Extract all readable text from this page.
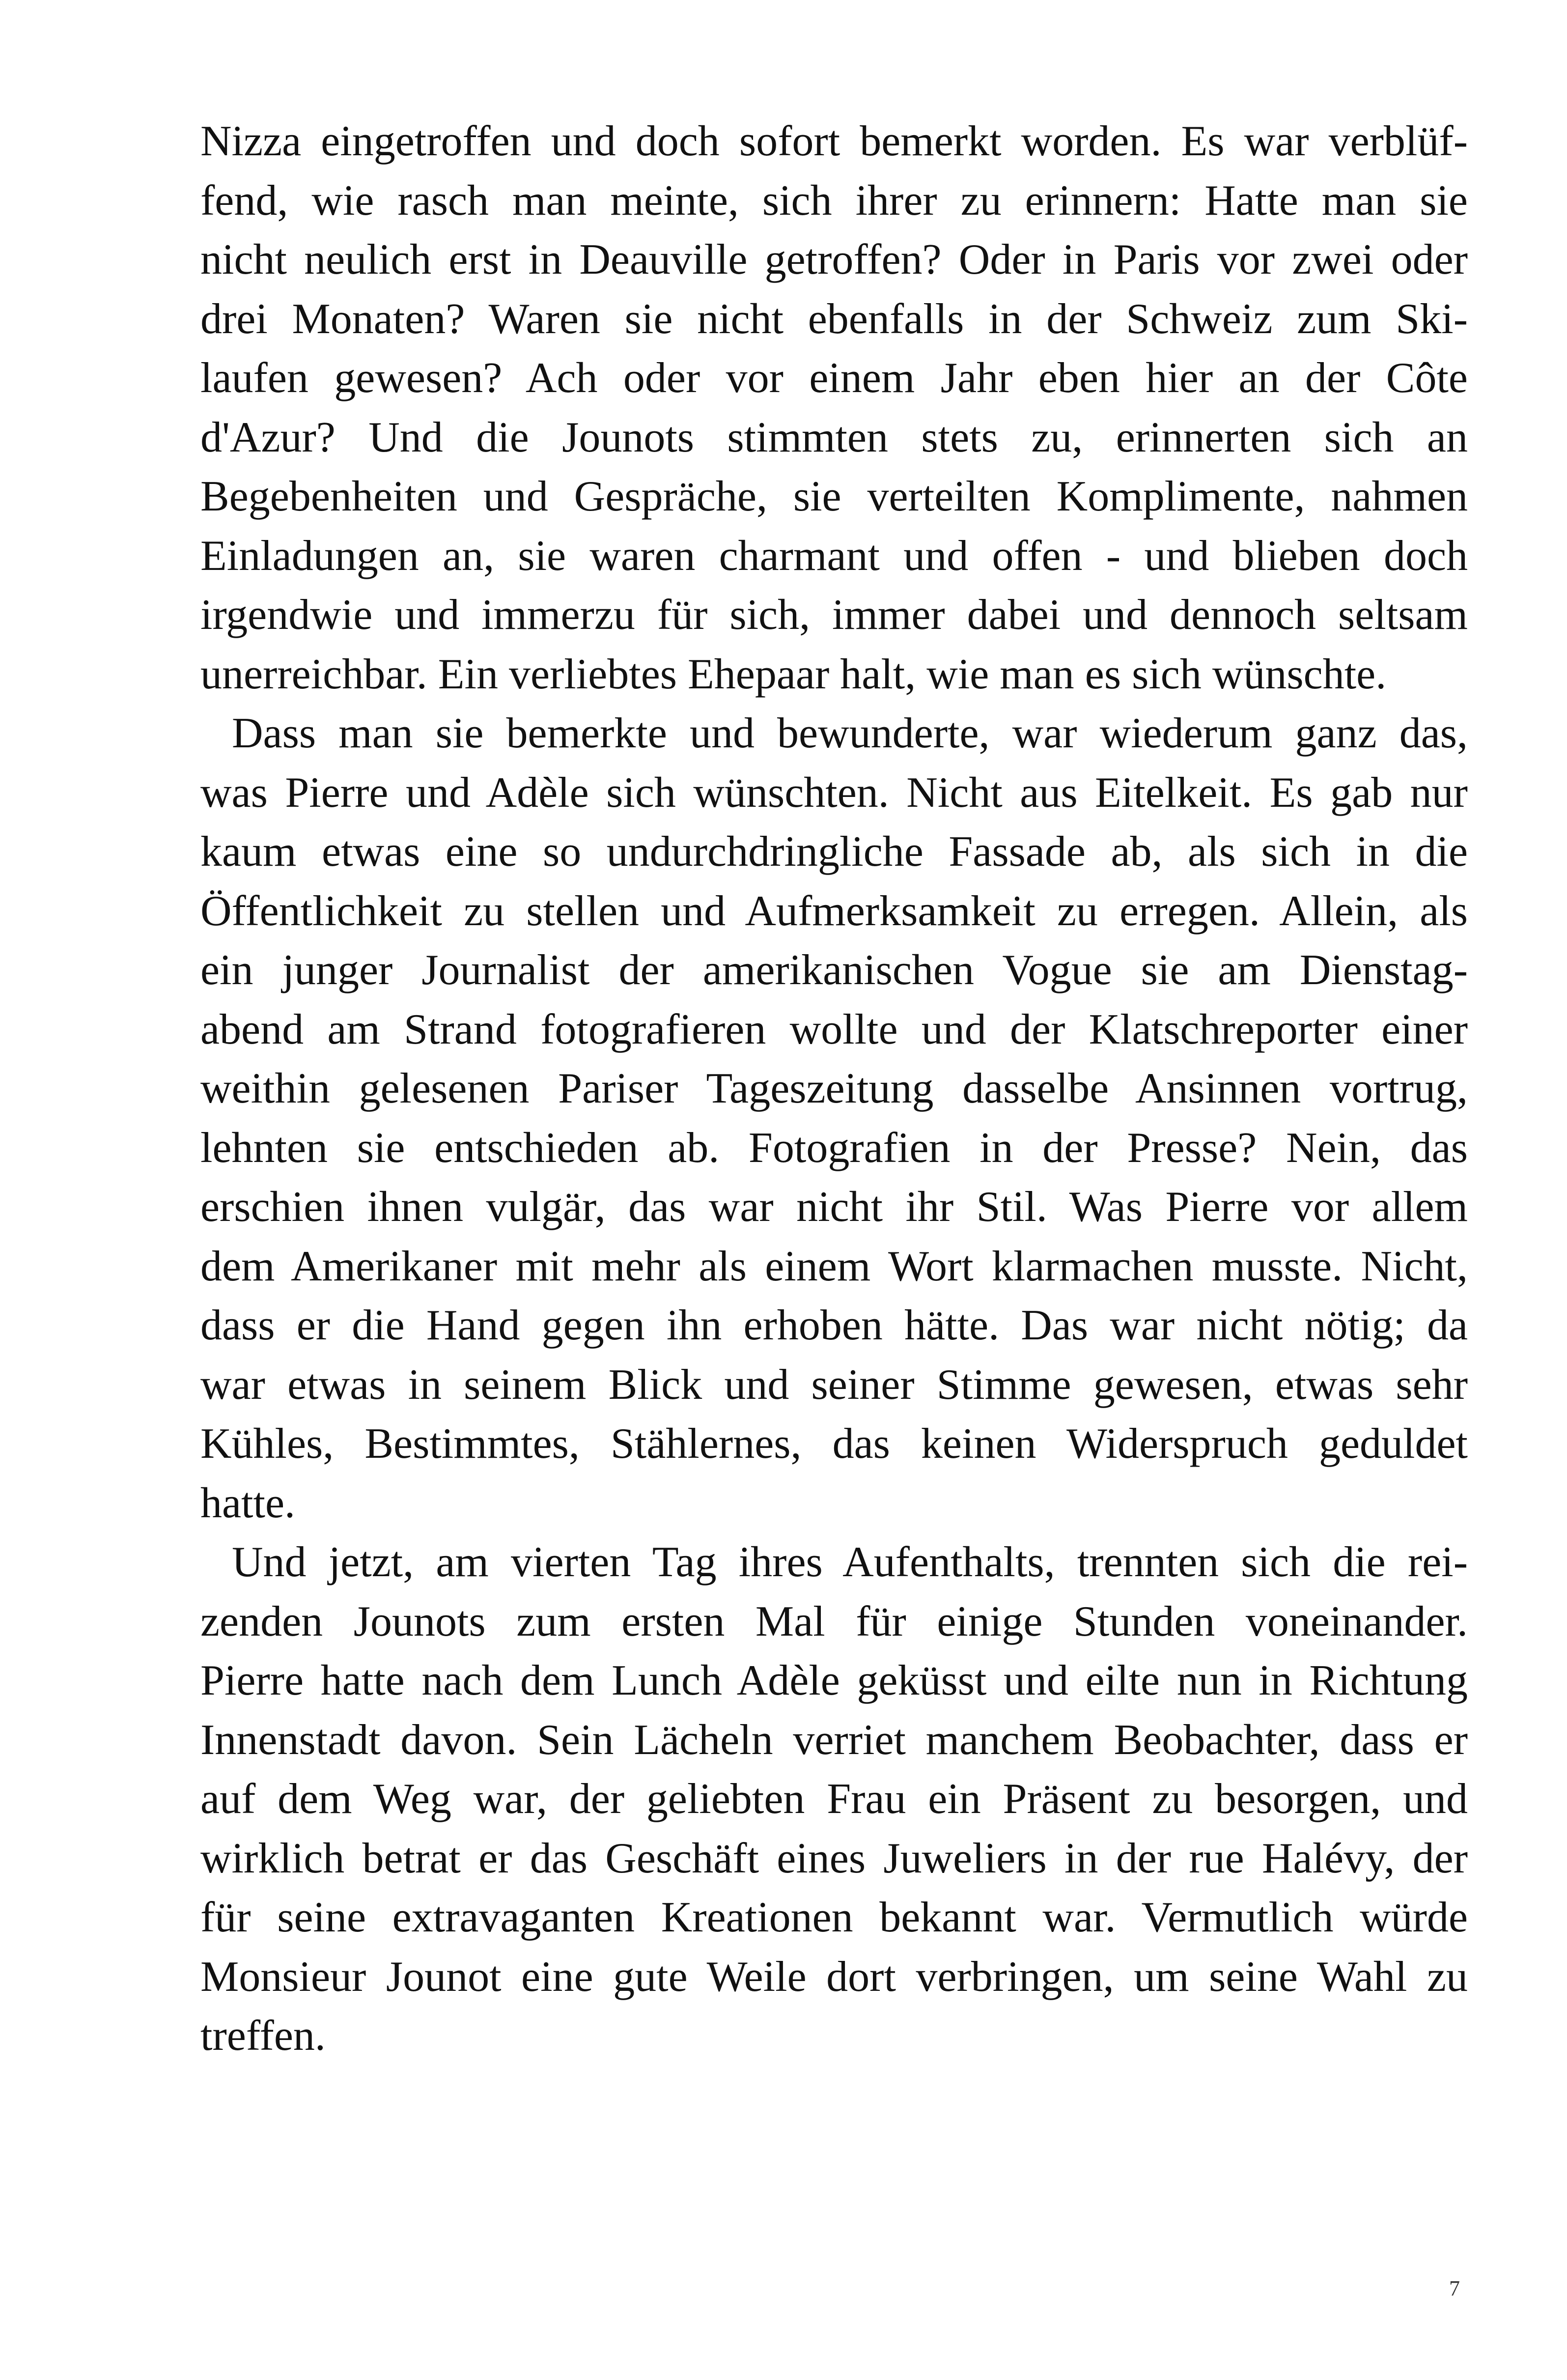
Nizza eingetroffen und doch sofort bemerkt worden. Es war verblüf-
fend, wie rasch man meinte, sich ihrer zu erinnern: Hatte man sie
nicht neulich erst in Deauville getroffen? Oder in Paris vor zwei oder
drei Monaten? Waren sie nicht ebenfalls in der Schweiz zum Ski-
laufen gewesen? Ach oder vor einem Jahr eben hier an der Côte
d'Azur? Und die Jounots stimmten stets zu, erinnerten sich an
Begebenheiten und Gespräche, sie verteilten Komplimente, nahmen
Einladungen an, sie waren charmant und offen - und blieben doch
irgendwie und immerzu für sich, immer dabei und dennoch seltsam
unerreichbar. Ein verliebtes Ehepaar halt, wie man es sich wünschte.

Dass man sie bemerkte und bewunderte, war wiederum ganz das,
was Pierre und Adèle sich wünschten. Nicht aus Eitelkeit. Es gab nur
kaum etwas eine so undurchdringliche Fassade ab, als sich in die
Öffentlichkeit zu stellen und Aufmerksamkeit zu erregen. Allein, als
ein junger Journalist der amerikanischen Vogue sie am Dienstag-
abend am Strand fotografieren wollte und der Klatschreporter einer
weithin gelesenen Pariser Tageszeitung dasselbe Ansinnen vortrug,
lehnten sie entschieden ab. Fotografien in der Presse? Nein, das
erschien ihnen vulgär, das war nicht ihr Stil. Was Pierre vor allem
dem Amerikaner mit mehr als einem Wort klarmachen musste. Nicht,
dass er die Hand gegen ihn erhoben hätte. Das war nicht nötig; da
war etwas in seinem Blick und seiner Stimme gewesen, etwas sehr
Kühles, Bestimmtes, Stählernes, das keinen Widerspruch geduldet
hatte.

Und jetzt, am vierten Tag ihres Aufenthalts, trennten sich die rei-
zenden Jounots zum ersten Mal für einige Stunden voneinander.
Pierre hatte nach dem Lunch Adèle geküsst und eilte nun in Richtung
Innenstadt davon. Sein Lächeln verriet manchem Beobachter, dass er
auf dem Weg war, der geliebten Frau ein Präsent zu besorgen, und
wirklich betrat er das Geschäft eines Juweliers in der rue Halévy, der
für seine extravaganten Kreationen bekannt war. Vermutlich würde
Monsieur Jounot eine gute Weile dort verbringen, um seine Wahl zu
treffen.

7
